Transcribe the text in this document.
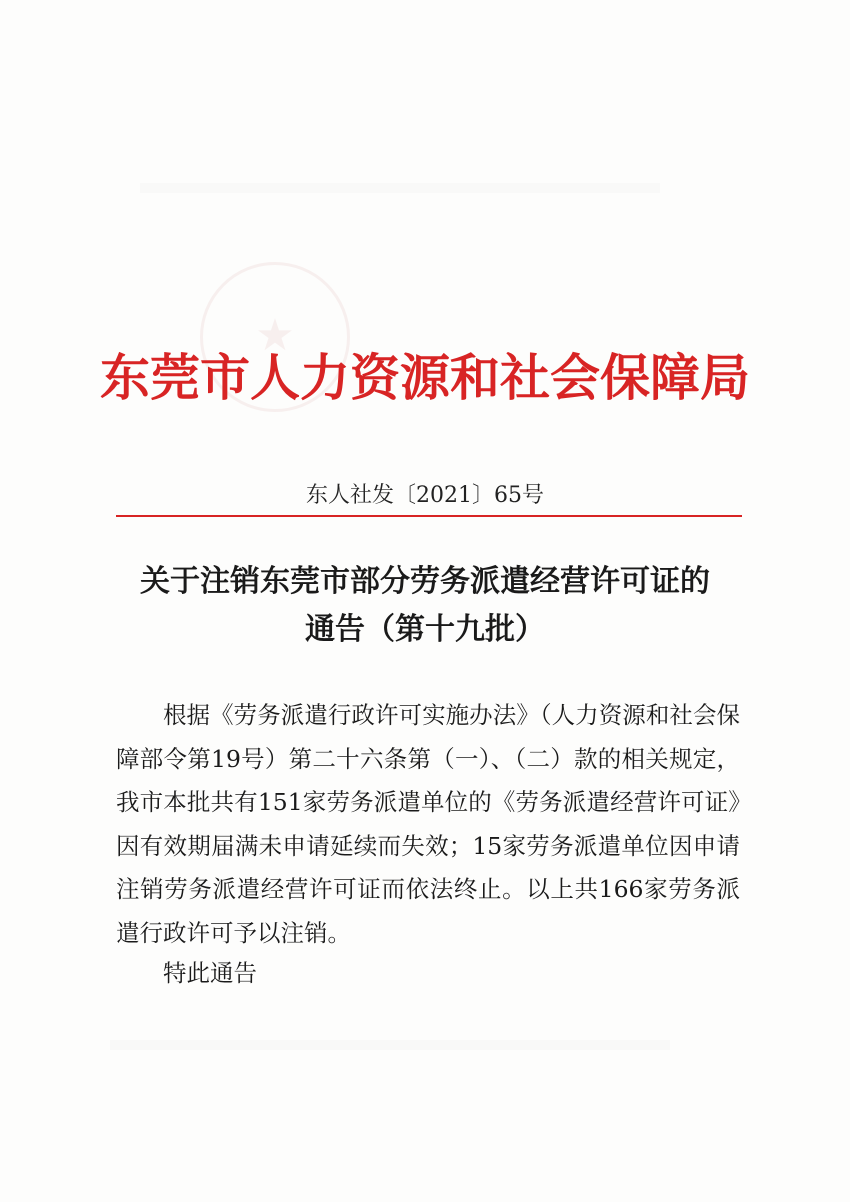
★
东莞市人力资源和社会保障局
东人社发〔2021〕65号
关于注销东莞市部分劳务派遣经营许可证的
通告（第十九批）

根据《劳务派遣行政许可实施办法》（人力资源和社会保障部令第19号）第二十六条第（一）、（二）款的相关规定，我市本批共有151家劳务派遣单位的《劳务派遣经营许可证》因有效期届满未申请延续而失效；15家劳务派遣单位因申请注销劳务派遣经营许可证而依法终止。以上共166家劳务派遣行政许可予以注销。

特此通告
